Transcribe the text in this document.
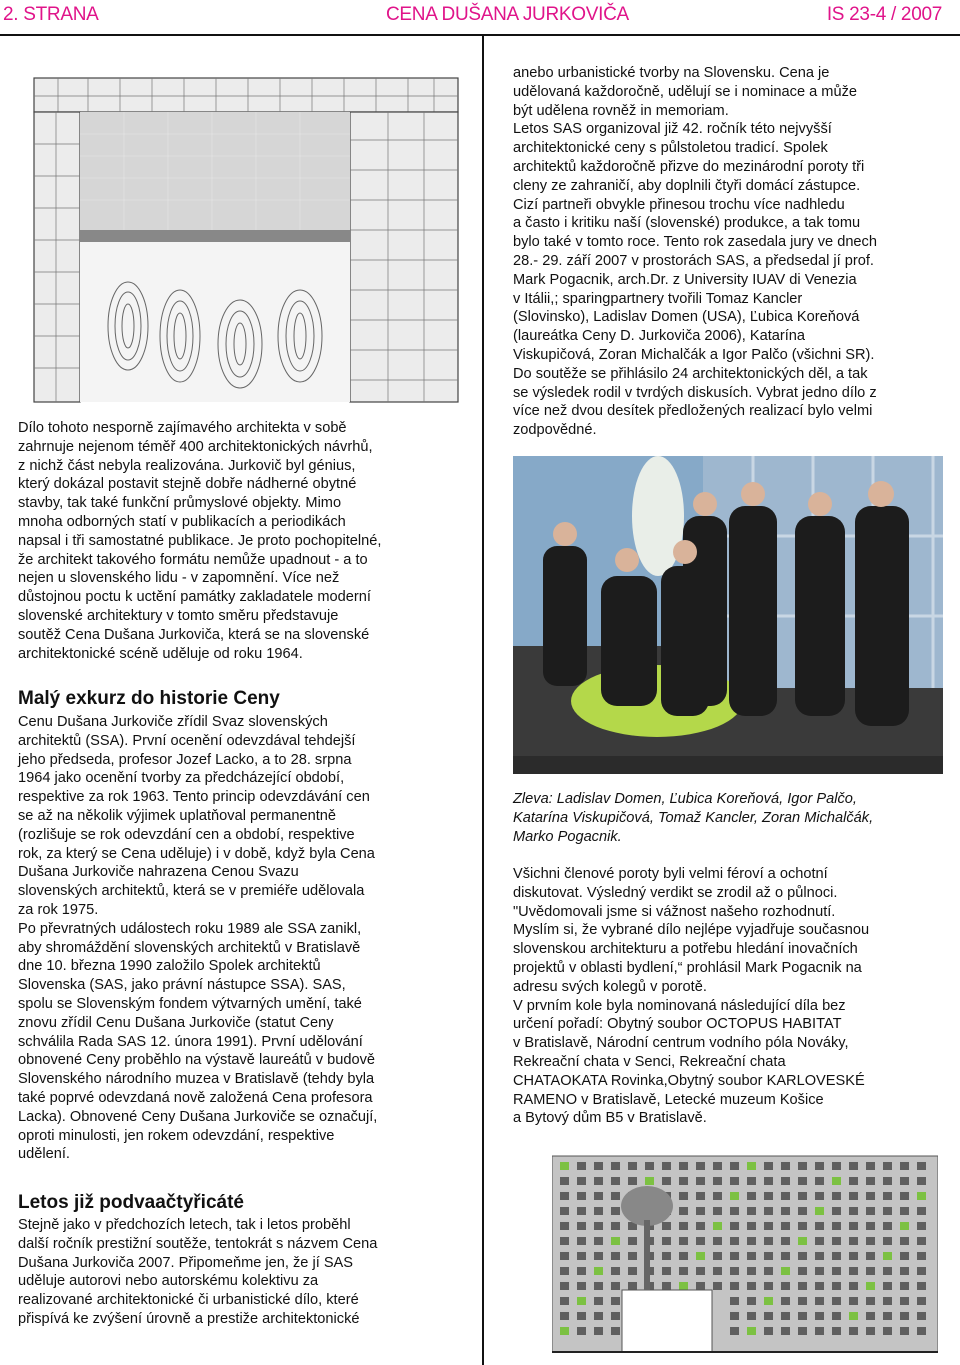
2. STRANA	CENA DUŠANA JURKOVIČA	IS 23-4 / 2007

Dílo tohoto nesporně zajímavého architekta v sobě
zahrnuje nejenom téměř 400 architektonických návrhů,
z nichž část nebyla realizována. Jurkovič byl génius,
který dokázal postavit stejně dobře nádherné obytné
stavby, tak také funkční průmyslové objekty. Mimo
mnoha odborných statí v publikacích a periodikách
napsal i tři samostatné publikace. Je proto pochopitelné,
že architekt takového formátu nemůže upadnout - a to
nejen u slovenského lidu - v zapomnění. Více než
důstojnou poctu k uctění památky zakladatele moderní
slovenské architektury v tomto směru představuje
soutěž Cena Dušana Jurkoviča, která se na slovenské
architektonické scéně uděluje od roku 1964.

Malý exkurz do historie Ceny

Cenu Dušana Jurkoviče zřídil Svaz slovenských
architektů (SSA). První ocenění odevzdával tehdejší
jeho předseda, profesor Jozef Lacko, a to 28. srpna
1964 jako ocenění tvorby za předcházející období,
respektive za rok 1963. Tento princip odevzdávání cen
se až na několik výjimek uplatňoval permanentně
(rozlišuje se rok odevzdání cen a období, respektive
rok, za který se Cena uděluje) i v době, když byla Cena
Dušana Jurkoviče nahrazena Cenou Svazu
slovenských architektů, která se v premiéře udělovala
za rok 1975.
Po převratných událostech roku 1989 ale SSA zanikl,
aby shromáždění slovenských architektů v Bratislavě
dne 10. března 1990 založilo Spolek architektů
Slovenska (SAS, jako právní nástupce SSA). SAS,
spolu se Slovenským fondem výtvarných umění, také
znovu zřídil Cenu Dušana Jurkoviče (statut Ceny
schválila Rada SAS 12. února 1991). První udělování
obnovené Ceny proběhlo na výstavě laureátů v budově
Slovenského národního muzea v Bratislavě (tehdy byla
také poprvé odevzdaná nově založená Cena profesora
Lacka). Obnovené Ceny Dušana Jurkoviče se označují,
oproti minulosti, jen rokem odevzdání, respektive
udělení.

Letos již podvaačtyřicáté

Stejně jako v předchozích letech, tak i letos proběhl
další ročník prestižní soutěže, tentokrát s názvem Cena
Dušana Jurkoviča 2007. Připomeňme jen, že jí SAS
uděluje autorovi nebo autorskému kolektivu za
realizované architektonické či urbanistické dílo, které
přispívá ke zvýšení úrovně a prestiže architektonické

anebo urbanistické tvorby na Slovensku. Cena je
udělovaná každoročně, udělují se i nominace a může
být udělena rovněž in memoriam.
Letos SAS organizoval již 42. ročník této nejvyšší
architektonické ceny s půlstoletou tradicí. Spolek
architektů každoročně přizve do mezinárodní poroty tři
cleny ze zahraničí, aby doplnili čtyři domácí zástupce.
Cizí partneři obvykle přinesou trochu více nadhledu
a často i kritiku naší (slovenské) produkce, a tak tomu
bylo také v tomto roce. Tento rok zasedala jury ve dnech
28.- 29. září 2007 v prostorách SAS, a předsedal jí prof.
Mark Pogacnik, arch.Dr. z University IUAV di Venezia
v Itálii,; sparingpartnery tvořili Tomaz Kancler
(Slovinsko), Ladislav Domen (USA), Ľubica Koreňová
(laureátka Ceny D. Jurkoviča 2006), Katarína
Viskupičová, Zoran Michalčák a Igor Palčo (všichni SR).
Do soutěže se přihlásilo 24 architektonických děl, a tak
se výsledek rodil v tvrdých diskusích. Vybrat jedno dílo z
více než dvou desítek předložených realizací bylo velmi
zodpovědné.

Zleva: Ladislav Domen, Ľubica Koreňová, Igor Palčo,
Katarína Viskupičová, Tomaž Kancler, Zoran Michalčák,
Marko Pogacnik.

Všichni členové poroty byli velmi féroví a ochotní
diskutovat. Výsledný verdikt se zrodil až o půlnoci.
"Uvědomovali jsme si vážnost našeho rozhodnutí.
Myslím si, že vybrané dílo nejlépe vyjadřuje současnou
slovenskou architekturu a potřebu hledání inovačních
projektů v oblasti bydlení,“ prohlásil Mark Pogacnik na
adresu svých kolegů v porotě.
V prvním kole byla nominovaná následující díla bez
určení pořadí: Obytný soubor OCTOPUS HABITAT
v Bratislavě, Národní centrum vodního póla Nováky,
Rekreační chata v Senci, Rekreační chata
CHATAOKATA Rovinka,Obytný soubor KARLOVESKÉ
RAMENO v Bratislavě, Letecké muzeum Košice
a Bytový dům B5 v Bratislavě.
